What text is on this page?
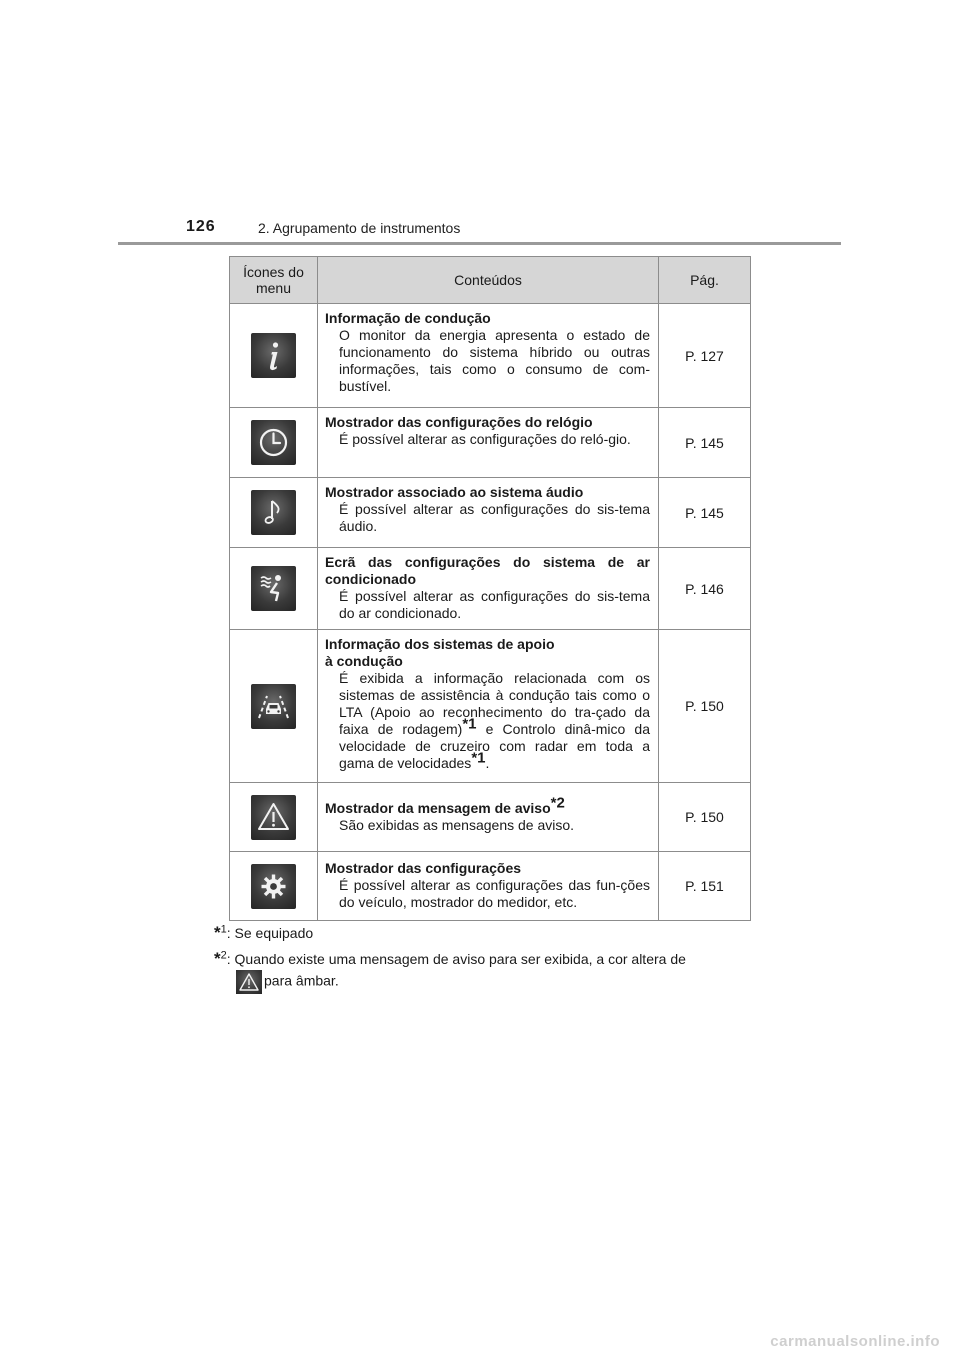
126	2. Agrupamento de instrumentos
Ícones do menu	Conteúdos	Pág.

Informação de condução
O monitor da energia apresenta o estado de funcionamento do sistema híbrido ou outras informações, tais como o consumo de com-bustível.	P. 127

Mostrador das configurações do relógio
É possível alterar as configurações do reló-gio.	P. 145

Mostrador associado ao sistema áudio
É possível alterar as configurações do sis-tema áudio.	P. 145

Ecrã das configurações do sistema de ar condicionado
É possível alterar as configurações do sis-tema do ar condicionado.	P. 146

Informação dos sistemas de apoio à condução
É exibida a informação relacionada com os sistemas de assistência à condução tais como o LTA (Apoio ao reconhecimento do tra-çado da faixa de rodagem)$^{*1}$ e Controlo dinâ-mico da velocidade de cruzeiro com radar em toda a gama de velocidades$^{*1}$.	P. 150

Mostrador da mensagem de aviso$^{*2}$
São exibidas as mensagens de aviso.	P. 150

Mostrador das configurações
É possível alterar as configurações das fun-ções do veículo, mostrador do medidor, etc.	P. 151
*$^1$: Se equipado
*$^2$: Quando existe uma mensagem de aviso para ser exibida, a cor altera de
para âmbar.
carmanualsonline.info
